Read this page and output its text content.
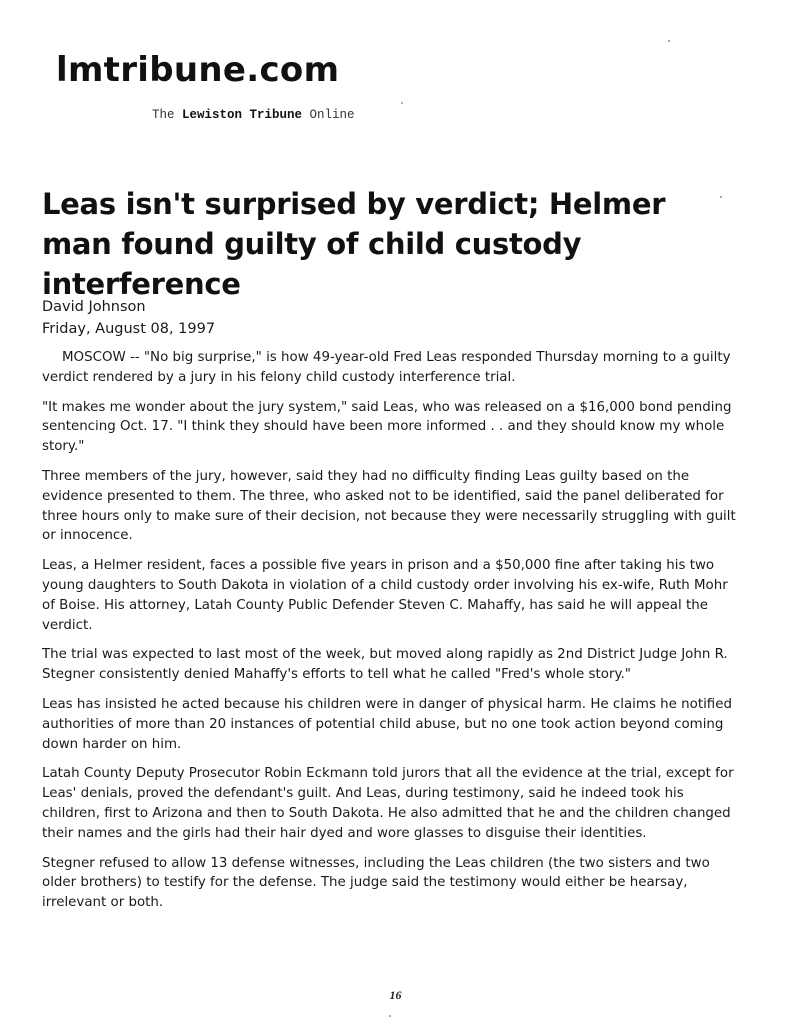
lmtribune.com
The Lewiston Tribune Online
Leas isn't surprised by verdict; Helmer man found guilty of child custody interference
David Johnson
Friday, August 08, 1997

MOSCOW -- "No big surprise," is how 49-year-old Fred Leas responded Thursday morning to a guilty verdict rendered by a jury in his felony child custody interference trial.

"It makes me wonder about the jury system," said Leas, who was released on a $16,000 bond pending sentencing Oct. 17. "I think they should have been more informed . . and they should know my whole story."

Three members of the jury, however, said they had no difficulty finding Leas guilty based on the evidence presented to them. The three, who asked not to be identified, said the panel deliberated for three hours only to make sure of their decision, not because they were necessarily struggling with guilt or innocence.

Leas, a Helmer resident, faces a possible five years in prison and a $50,000 fine after taking his two young daughters to South Dakota in violation of a child custody order involving his ex-wife, Ruth Mohr of Boise. His attorney, Latah County Public Defender Steven C. Mahaffy, has said he will appeal the verdict.

The trial was expected to last most of the week, but moved along rapidly as 2nd District Judge John R. Stegner consistently denied Mahaffy's efforts to tell what he called "Fred's whole story."

Leas has insisted he acted because his children were in danger of physical harm. He claims he notified authorities of more than 20 instances of potential child abuse, but no one took action beyond coming down harder on him.

Latah County Deputy Prosecutor Robin Eckmann told jurors that all the evidence at the trial, except for Leas' denials, proved the defendant's guilt. And Leas, during testimony, said he indeed took his children, first to Arizona and then to South Dakota. He also admitted that he and the children changed their names and the girls had their hair dyed and wore glasses to disguise their identities.

Stegner refused to allow 13 defense witnesses, including the Leas children (the two sisters and two older brothers) to testify for the defense. The judge said the testimony would either be hearsay, irrelevant or both.

16
